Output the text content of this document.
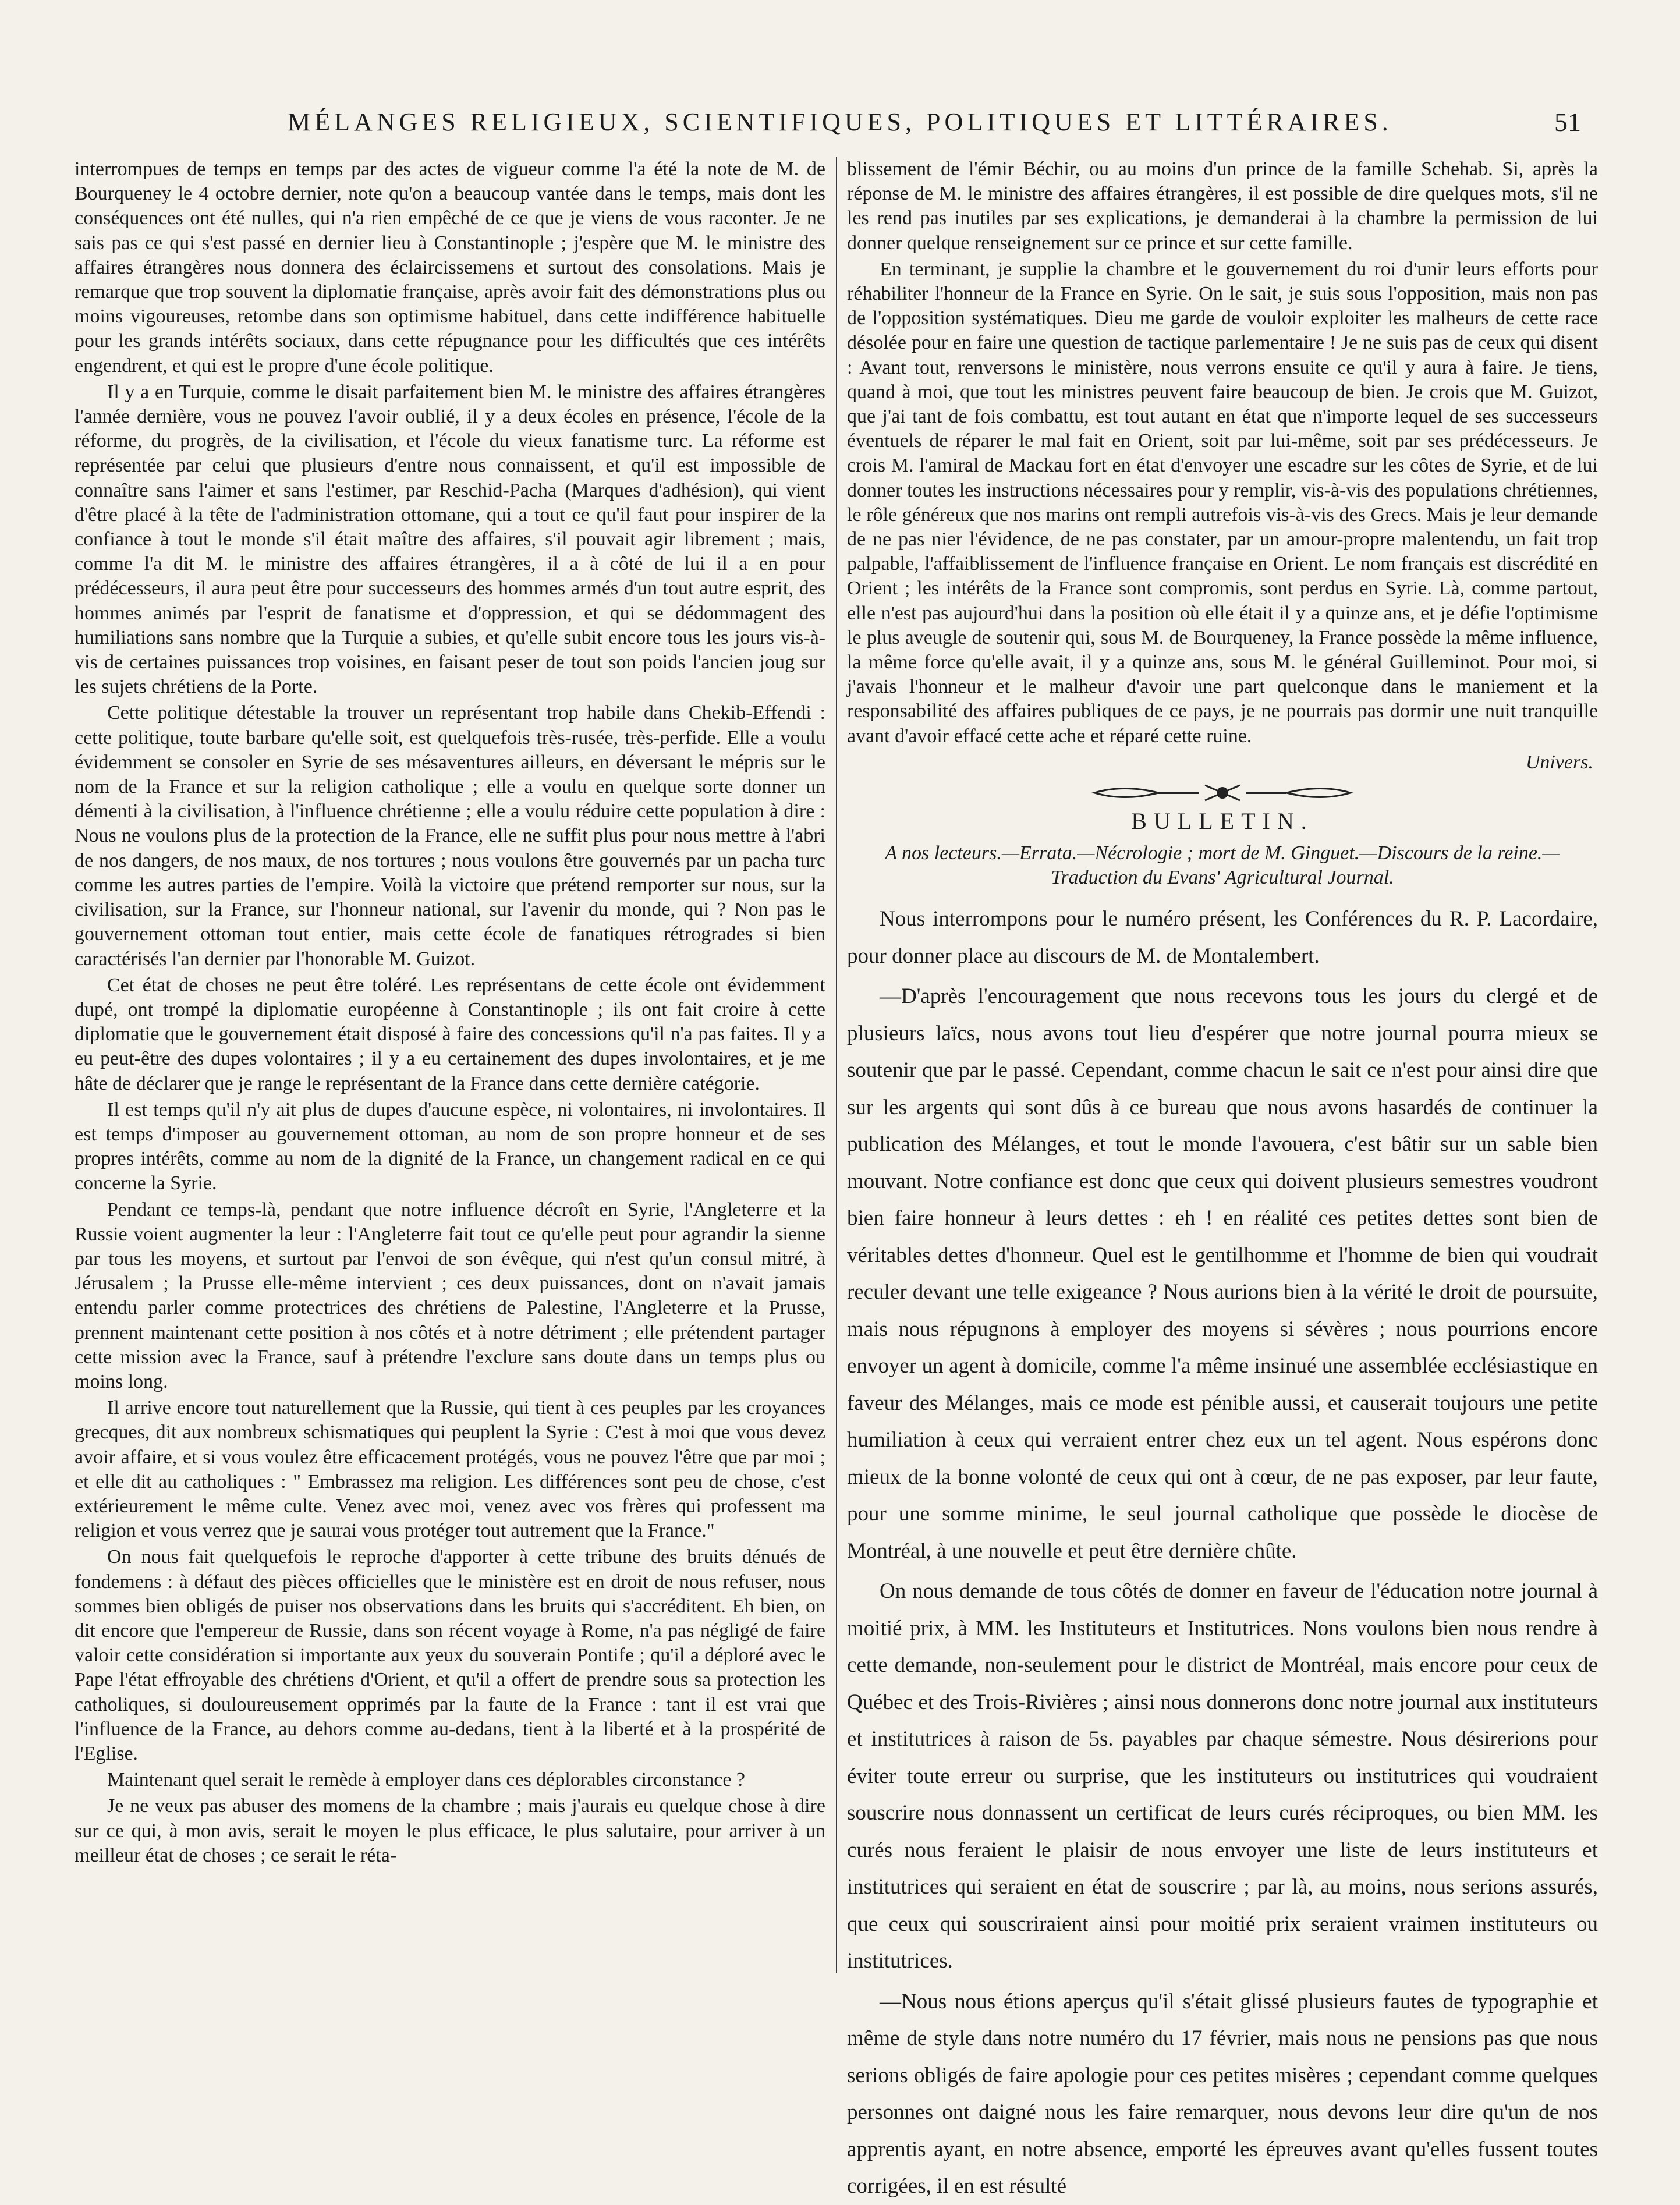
MÉLANGES RELIGIEUX, SCIENTIFIQUES, POLITIQUES ET LITTÉRAIRES.	51

interrompues de temps en temps par des actes de vigueur comme l'a été la note de M. de Bourqueney le 4 octobre dernier, note qu'on a beaucoup vantée dans le temps, mais dont les conséquences ont été nulles, qui n'a rien empêché de ce que je viens de vous raconter. Je ne sais pas ce qui s'est passé en dernier lieu à Constantinople ; j'espère que M. le ministre des affaires étrangères nous donnera des éclaircissemens et surtout des consolations. Mais je remarque que trop souvent la diplomatie française, après avoir fait des démonstrations plus ou moins vigoureuses, retombe dans son optimisme habituel, dans cette indifférence habituelle pour les grands intérêts sociaux, dans cette répugnance pour les difficultés que ces intérêts engendrent, et qui est le propre d'une école politique.

Il y a en Turquie, comme le disait parfaitement bien M. le ministre des affaires étrangères l'année dernière, vous ne pouvez l'avoir oublié, il y a deux écoles en présence, l'école de la réforme, du progrès, de la civilisation, et l'école du vieux fanatisme turc. La réforme est représentée par celui que plusieurs d'entre nous connaissent, et qu'il est impossible de connaître sans l'aimer et sans l'estimer, par Reschid-Pacha (Marques d'adhésion), qui vient d'être placé à la tête de l'administration ottomane, qui a tout ce qu'il faut pour inspirer de la confiance à tout le monde s'il était maître des affaires, s'il pouvait agir librement ; mais, comme l'a dit M. le ministre des affaires étrangères, il a à côté de lui il a en pour prédécesseurs, il aura peut être pour successeurs des hommes armés d'un tout autre esprit, des hommes animés par l'esprit de fanatisme et d'oppression, et qui se dédommagent des humiliations sans nombre que la Turquie a subies, et qu'elle subit encore tous les jours vis-à-vis de certaines puissances trop voisines, en faisant peser de tout son poids l'ancien joug sur les sujets chrétiens de la Porte.

Cette politique détestable la trouver un représentant trop habile dans Chekib-Effendi : cette politique, toute barbare qu'elle soit, est quelquefois très-rusée, très-perfide. Elle a voulu évidemment se consoler en Syrie de ses mésaventures ailleurs, en déversant le mépris sur le nom de la France et sur la religion catholique ; elle a voulu en quelque sorte donner un démenti à la civilisation, à l'influence chrétienne ; elle a voulu réduire cette population à dire : Nous ne voulons plus de la protection de la France, elle ne suffit plus pour nous mettre à l'abri de nos dangers, de nos maux, de nos tortures ; nous voulons être gouvernés par un pacha turc comme les autres parties de l'empire. Voilà la victoire que prétend remporter sur nous, sur la civilisation, sur la France, sur l'honneur national, sur l'avenir du monde, qui ? Non pas le gouvernement ottoman tout entier, mais cette école de fanatiques rétrogrades si bien caractérisés l'an dernier par l'honorable M. Guizot.

Cet état de choses ne peut être toléré. Les représentans de cette école ont évidemment dupé, ont trompé la diplomatie européenne à Constantinople ; ils ont fait croire à cette diplomatie que le gouvernement était disposé à faire des concessions qu'il n'a pas faites. Il y a eu peut-être des dupes volontaires ; il y a eu certainement des dupes involontaires, et je me hâte de déclarer que je range le représentant de la France dans cette dernière catégorie.

Il est temps qu'il n'y ait plus de dupes d'aucune espèce, ni volontaires, ni involontaires. Il est temps d'imposer au gouvernement ottoman, au nom de son propre honneur et de ses propres intérêts, comme au nom de la dignité de la France, un changement radical en ce qui concerne la Syrie.

Pendant ce temps-là, pendant que notre influence décroît en Syrie, l'Angleterre et la Russie voient augmenter la leur : l'Angleterre fait tout ce qu'elle peut pour agrandir la sienne par tous les moyens, et surtout par l'envoi de son évêque, qui n'est qu'un consul mitré, à Jérusalem ; la Prusse elle-même intervient ; ces deux puissances, dont on n'avait jamais entendu parler comme protectrices des chrétiens de Palestine, l'Angleterre et la Prusse, prennent maintenant cette position à nos côtés et à notre détriment ; elle prétendent partager cette mission avec la France, sauf à prétendre l'exclure sans doute dans un temps plus ou moins long.

Il arrive encore tout naturellement que la Russie, qui tient à ces peuples par les croyances grecques, dit aux nombreux schismatiques qui peuplent la Syrie : C'est à moi que vous devez avoir affaire, et si vous voulez être efficacement protégés, vous ne pouvez l'être que par moi ; et elle dit au catholiques : " Embrassez ma religion. Les différences sont peu de chose, c'est extérieurement le même culte. Venez avec moi, venez avec vos frères qui professent ma religion et vous verrez que je saurai vous protéger tout autrement que la France."

On nous fait quelquefois le reproche d'apporter à cette tribune des bruits dénués de fondemens : à défaut des pièces officielles que le ministère est en droit de nous refuser, nous sommes bien obligés de puiser nos observations dans les bruits qui s'accréditent. Eh bien, on dit encore que l'empereur de Russie, dans son récent voyage à Rome, n'a pas négligé de faire valoir cette considération si importante aux yeux du souverain Pontife ; qu'il a déploré avec le Pape l'état effroyable des chrétiens d'Orient, et qu'il a offert de prendre sous sa protection les catholiques, si douloureusement opprimés par la faute de la France : tant il est vrai que l'influence de la France, au dehors comme au-dedans, tient à la liberté et à la prospérité de l'Eglise.

Maintenant quel serait le remède à employer dans ces déplorables circonstance ?

Je ne veux pas abuser des momens de la chambre ; mais j'aurais eu quelque chose à dire sur ce qui, à mon avis, serait le moyen le plus efficace, le plus salutaire, pour arriver à un meilleur état de choses ; ce serait le réta-

blissement de l'émir Béchir, ou au moins d'un prince de la famille Schehab. Si, après la réponse de M. le ministre des affaires étrangères, il est possible de dire quelques mots, s'il ne les rend pas inutiles par ses explications, je demanderai à la chambre la permission de lui donner quelque renseignement sur ce prince et sur cette famille.

En terminant, je supplie la chambre et le gouvernement du roi d'unir leurs efforts pour réhabiliter l'honneur de la France en Syrie. On le sait, je suis sous l'opposition, mais non pas de l'opposition systématiques. Dieu me garde de vouloir exploiter les malheurs de cette race désolée pour en faire une question de tactique parlementaire ! Je ne suis pas de ceux qui disent : Avant tout, renversons le ministère, nous verrons ensuite ce qu'il y aura à faire. Je tiens, quand à moi, que tout les ministres peuvent faire beaucoup de bien. Je crois que M. Guizot, que j'ai tant de fois combattu, est tout autant en état que n'importe lequel de ses successeurs éventuels de réparer le mal fait en Orient, soit par lui-même, soit par ses prédécesseurs. Je crois M. l'amiral de Mackau fort en état d'envoyer une escadre sur les côtes de Syrie, et de lui donner toutes les instructions nécessaires pour y remplir, vis-à-vis des populations chrétiennes, le rôle généreux que nos marins ont rempli autrefois vis-à-vis des Grecs. Mais je leur demande de ne pas nier l'évidence, de ne pas constater, par un amour-propre malentendu, un fait trop palpable, l'affaiblissement de l'influence française en Orient. Le nom français est discrédité en Orient ; les intérêts de la France sont compromis, sont perdus en Syrie. Là, comme partout, elle n'est pas aujourd'hui dans la position où elle était il y a quinze ans, et je défie l'optimisme le plus aveugle de soutenir qui, sous M. de Bourqueney, la France possède la même influence, la même force qu'elle avait, il y a quinze ans, sous M. le général Guilleminot. Pour moi, si j'avais l'honneur et le malheur d'avoir une part quelconque dans le maniement et la responsabilité des affaires publiques de ce pays, je ne pourrais pas dormir une nuit tranquille avant d'avoir effacé cette ache et réparé cette ruine.

Univers.
BULLETIN.
A nos lecteurs.—Errata.—Nécrologie ; mort de M. Ginguet.—Discours de la reine.—Traduction du Evans' Agricultural Journal.

Nous interrompons pour le numéro présent, les Conférences du R. P. Lacordaire, pour donner place au discours de M. de Montalembert.

—D'après l'encouragement que nous recevons tous les jours du clergé et de plusieurs laïcs, nous avons tout lieu d'espérer que notre journal pourra mieux se soutenir que par le passé. Cependant, comme chacun le sait ce n'est pour ainsi dire que sur les argents qui sont dûs à ce bureau que nous avons hasardés de continuer la publication des Mélanges, et tout le monde l'avouera, c'est bâtir sur un sable bien mouvant. Notre confiance est donc que ceux qui doivent plusieurs semestres voudront bien faire honneur à leurs dettes : eh ! en réalité ces petites dettes sont bien de véritables dettes d'honneur. Quel est le gentilhomme et l'homme de bien qui voudrait reculer devant une telle exigeance ? Nous aurions bien à la vérité le droit de poursuite, mais nous répugnons à employer des moyens si sévères ; nous pourrions encore envoyer un agent à domicile, comme l'a même insinué une assemblée ecclésiastique en faveur des Mélanges, mais ce mode est pénible aussi, et causerait toujours une petite humiliation à ceux qui verraient entrer chez eux un tel agent. Nous espérons donc mieux de la bonne volonté de ceux qui ont à cœur, de ne pas exposer, par leur faute, pour une somme minime, le seul journal catholique que possède le diocèse de Montréal, à une nouvelle et peut être dernière chûte.

On nous demande de tous côtés de donner en faveur de l'éducation notre journal à moitié prix, à MM. les Instituteurs et Institutrices. Nons voulons bien nous rendre à cette demande, non-seulement pour le district de Montréal, mais encore pour ceux de Québec et des Trois-Rivières ; ainsi nous donnerons donc notre journal aux instituteurs et institutrices à raison de 5s. payables par chaque sémestre. Nous désirerions pour éviter toute erreur ou surprise, que les instituteurs ou institutrices qui voudraient souscrire nous donnassent un certificat de leurs curés réciproques, ou bien MM. les curés nous feraient le plaisir de nous envoyer une liste de leurs instituteurs et institutrices qui seraient en état de souscrire ; par là, au moins, nous serions assurés, que ceux qui souscriraient ainsi pour moitié prix seraient vraimen instituteurs ou institutrices.

—Nous nous étions aperçus qu'il s'était glissé plusieurs fautes de typographie et même de style dans notre numéro du 17 février, mais nous ne pensions pas que nous serions obligés de faire apologie pour ces petites misères ; cependant comme quelques personnes ont daigné nous les faire remarquer, nous devons leur dire qu'un de nos apprentis ayant, en notre absence, emporté les épreuves avant qu'elles fussent toutes corrigées, il en est résulté
